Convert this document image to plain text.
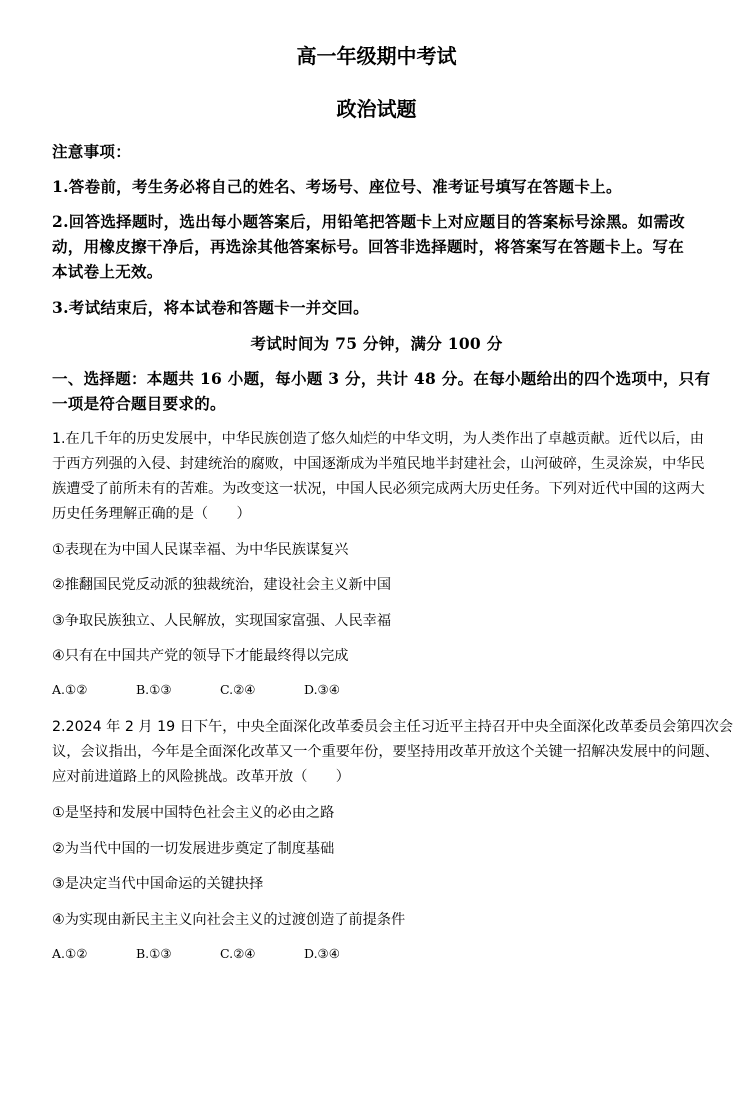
高一年级期中考试
政治试题
注意事项：
1.答卷前，考生务必将自己的姓名、考场号、座位号、准考证号填写在答题卡上。
2.回答选择题时，选出每小题答案后，用铅笔把答题卡上对应题目的答案标号涂黑。如需改
动，用橡皮擦干净后，再选涂其他答案标号。回答非选择题时，将答案写在答题卡上。写在
本试卷上无效。
3.考试结束后，将本试卷和答题卡一并交回。
考试时间为 75 分钟，满分 100 分
一、选择题：本题共 16 小题，每小题 3 分，共计 48 分。在每小题给出的四个选项中，只有
一项是符合题目要求的。
1.在几千年的历史发展中，中华民族创造了悠久灿烂的中华文明，为人类作出了卓越贡献。近代以后，由
于西方列强的入侵、封建统治的腐败，中国逐渐成为半殖民地半封建社会，山河破碎，生灵涂炭，中华民
族遭受了前所未有的苦难。为改变这一状况，中国人民必须完成两大历史任务。下列对近代中国的这两大
历史任务理解正确的是（　　）
①表现在为中国人民谋幸福、为中华民族谋复兴
②推翻国民党反动派的独裁统治，建设社会主义新中国
③争取民族独立、人民解放，实现国家富强、人民幸福
④只有在中国共产党的领导下才能最终得以完成
A.①②	B.①③	C.②④	D.③④
2.2024 年 2 月 19 日下午，中央全面深化改革委员会主任习近平主持召开中央全面深化改革委员会第四次会
议，会议指出，今年是全面深化改革又一个重要年份，要坚持用改革开放这个关键一招解决发展中的问题、
应对前进道路上的风险挑战。改革开放（　　）
①是坚持和发展中国特色社会主义的必由之路
②为当代中国的一切发展进步奠定了制度基础
③是决定当代中国命运的关键抉择
④为实现由新民主主义向社会主义的过渡创造了前提条件
A.①②	B.①③	C.②④	D.③④
